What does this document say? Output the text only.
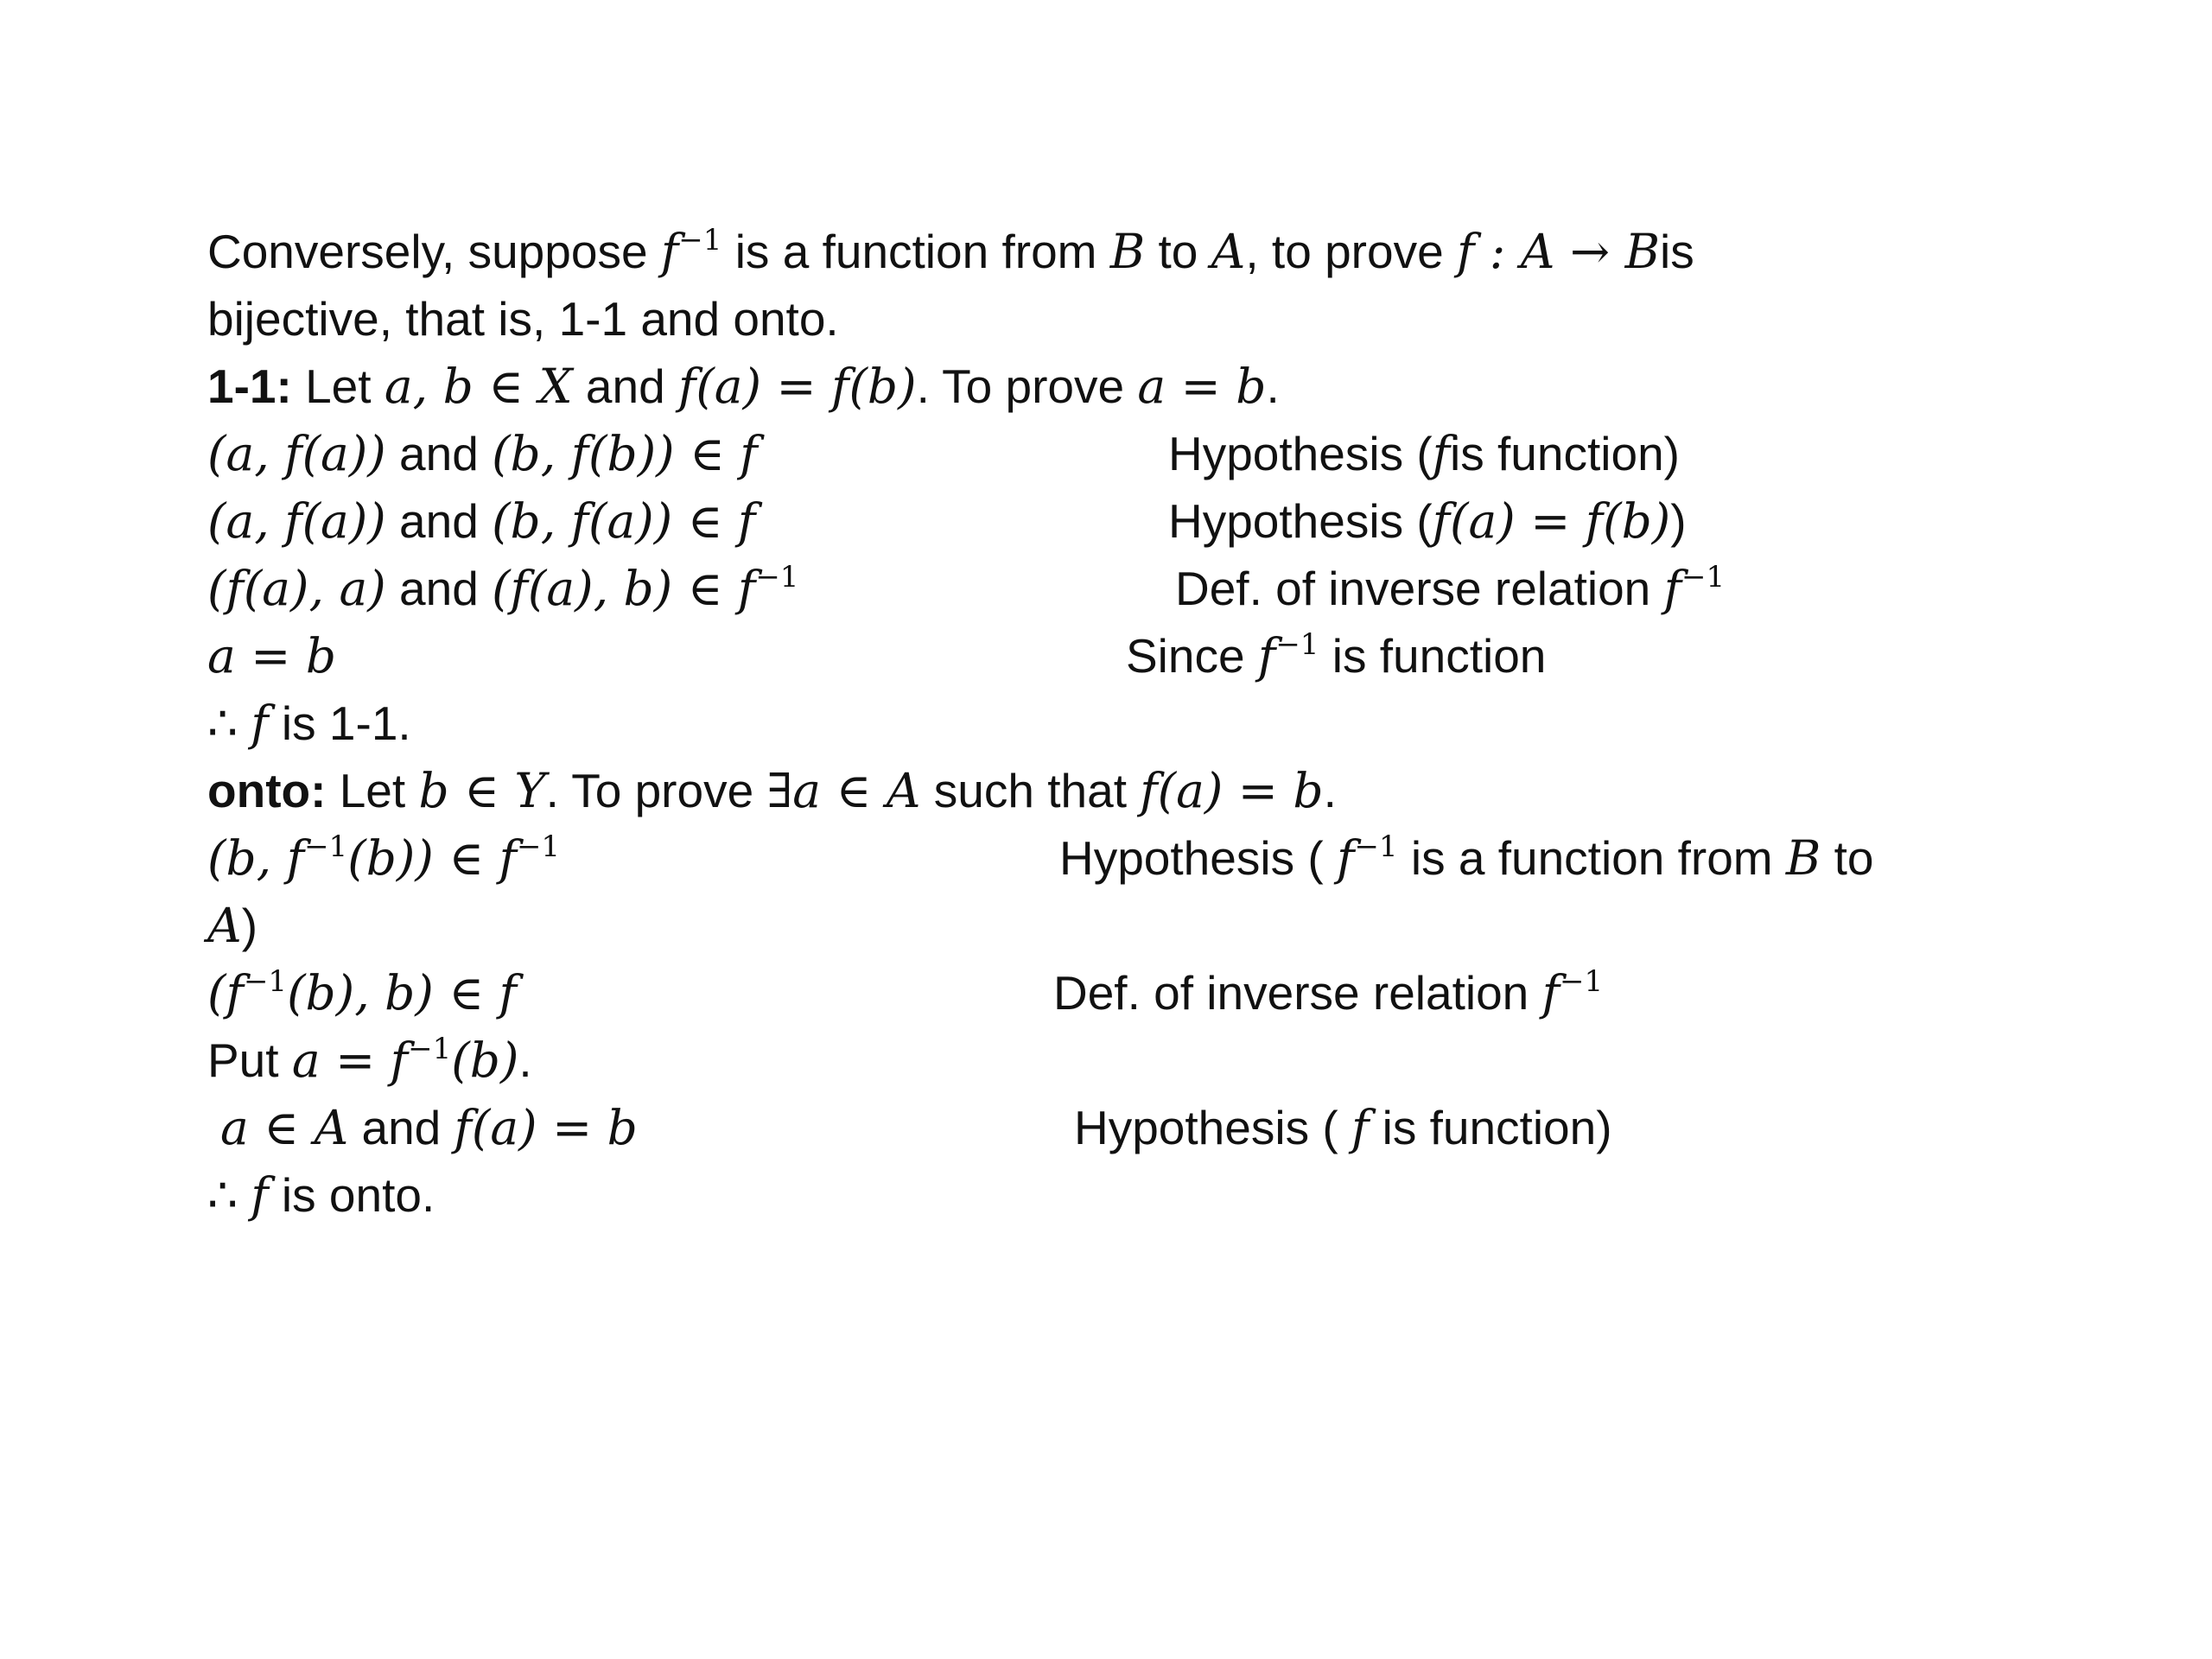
Conversely, suppose $f^{-1}$ is a function from B to A, to prove f : A → Bis
bijective, that is, 1-1 and onto.
1-1: Let a, b ∈ X and f(a) = f(b). To prove a = b.
(a, f(a)) and (b, f(b)) ∈ f	Hypothesis (fis function)
(a, f(a)) and (b, f(a)) ∈ f	Hypothesis (f(a) = f(b))
(f(a), a) and (f(a), b) ∈ $f^{-1}$	Def. of inverse relation $f^{-1}$
a = b	Since $f^{-1}$ is function
∴ f is 1-1.
onto: Let b ∈ Y. To prove ∃a ∈ A such that f(a) = b.
(b, $f^{-1}(b)$) ∈ $f^{-1}$	Hypothesis ( $f^{-1}$ is a function from B to
A)
($f^{-1}(b)$, b) ∈ f	Def. of inverse relation $f^{-1}$
Put $a = f^{-1}(b)$.
a ∈ A and f(a) = b	Hypothesis ( f is function)
∴ f is onto.
